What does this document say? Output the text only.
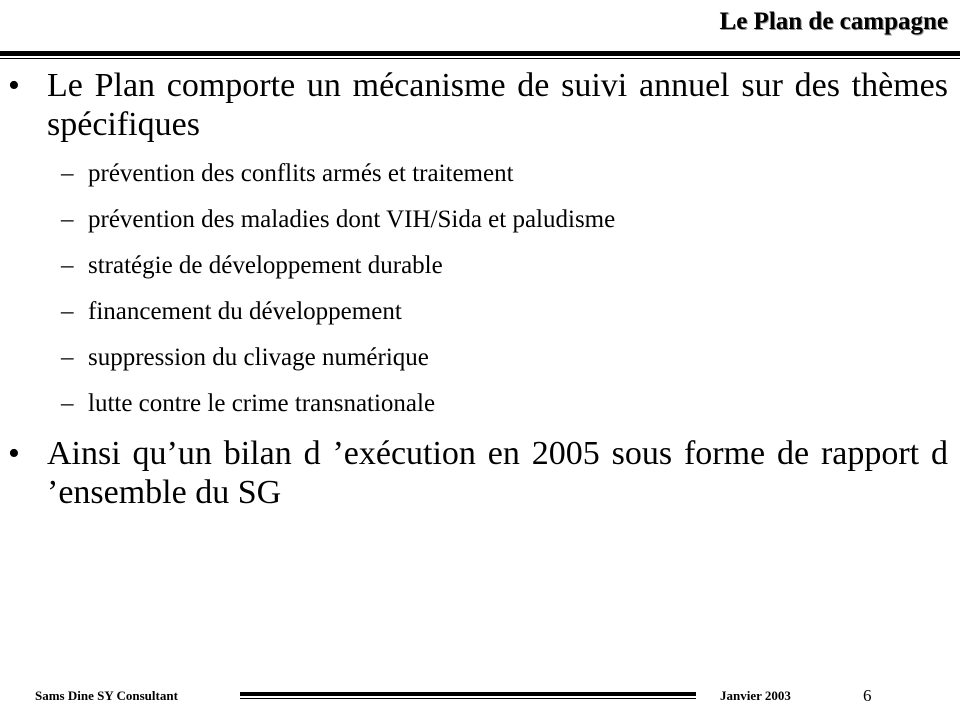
Le Plan de campagne
• Le Plan comporte un mécanisme de suivi annuel sur des thèmes spécifiques
– prévention des conflits armés et traitement
– prévention des maladies dont VIH/Sida et paludisme
– stratégie de développement durable
– financement du développement
– suppression du clivage numérique
– lutte contre le crime transnationale
• Ainsi qu’un bilan d ’exécution en 2005 sous forme de rapport d ’ensemble du SG
Sams Dine SY Consultant	Janvier 2003	6
